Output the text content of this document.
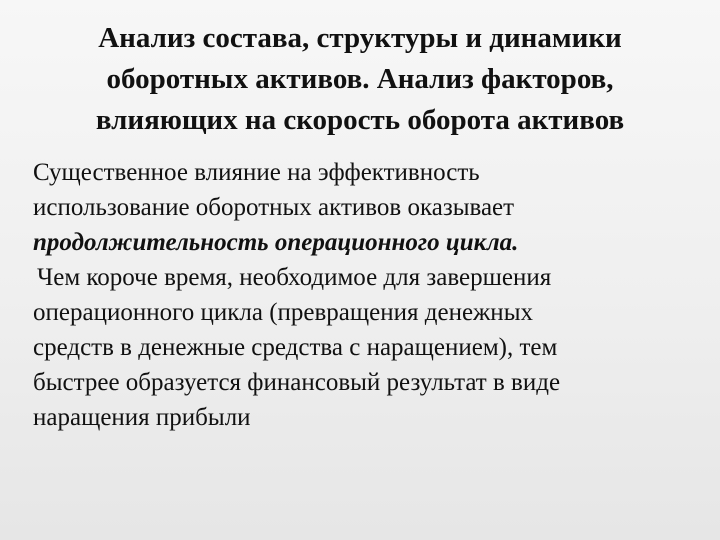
Анализ состава, структуры и динамики
оборотных активов. Анализ факторов,
влияющих на скорость оборота активов
Существенное влияние на эффективность
использование оборотных активов оказывает
продолжительность операционного цикла.
Чем короче время, необходимое для завершения
операционного цикла (превращения денежных
средств в денежные средства с наращением), тем
быстрее образуется финансовый результат в виде
наращения прибыли
